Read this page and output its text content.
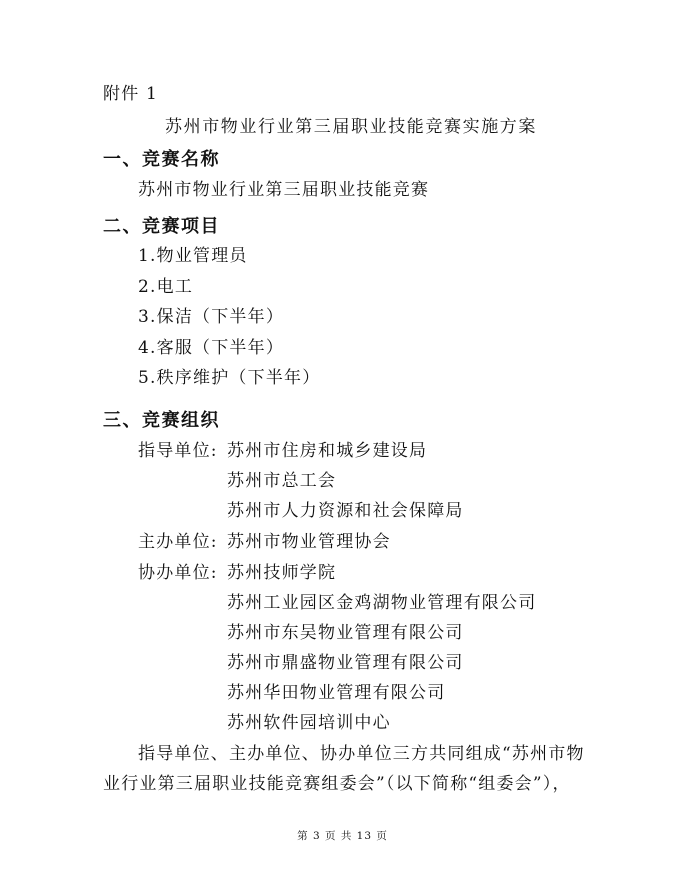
附件 1
苏州市物业行业第三届职业技能竞赛实施方案
一、竞赛名称
苏州市物业行业第三届职业技能竞赛
二、竞赛项目
1.物业管理员
2.电工
3.保洁（下半年）
4.客服（下半年）
5.秩序维护（下半年）
三、竞赛组织
指导单位: 苏州市住房和城乡建设局
苏州市总工会
苏州市人力资源和社会保障局
主办单位: 苏州市物业管理协会
协办单位: 苏州技师学院
苏州工业园区金鸡湖物业管理有限公司
苏州市东吴物业管理有限公司
苏州市鼎盛物业管理有限公司
苏州华田物业管理有限公司
苏州软件园培训中心
指导单位、主办单位、协办单位三方共同组成“苏州市物
业行业第三届职业技能竞赛组委会”（以下简称“组委会”），
第 3 页 共 13 页
